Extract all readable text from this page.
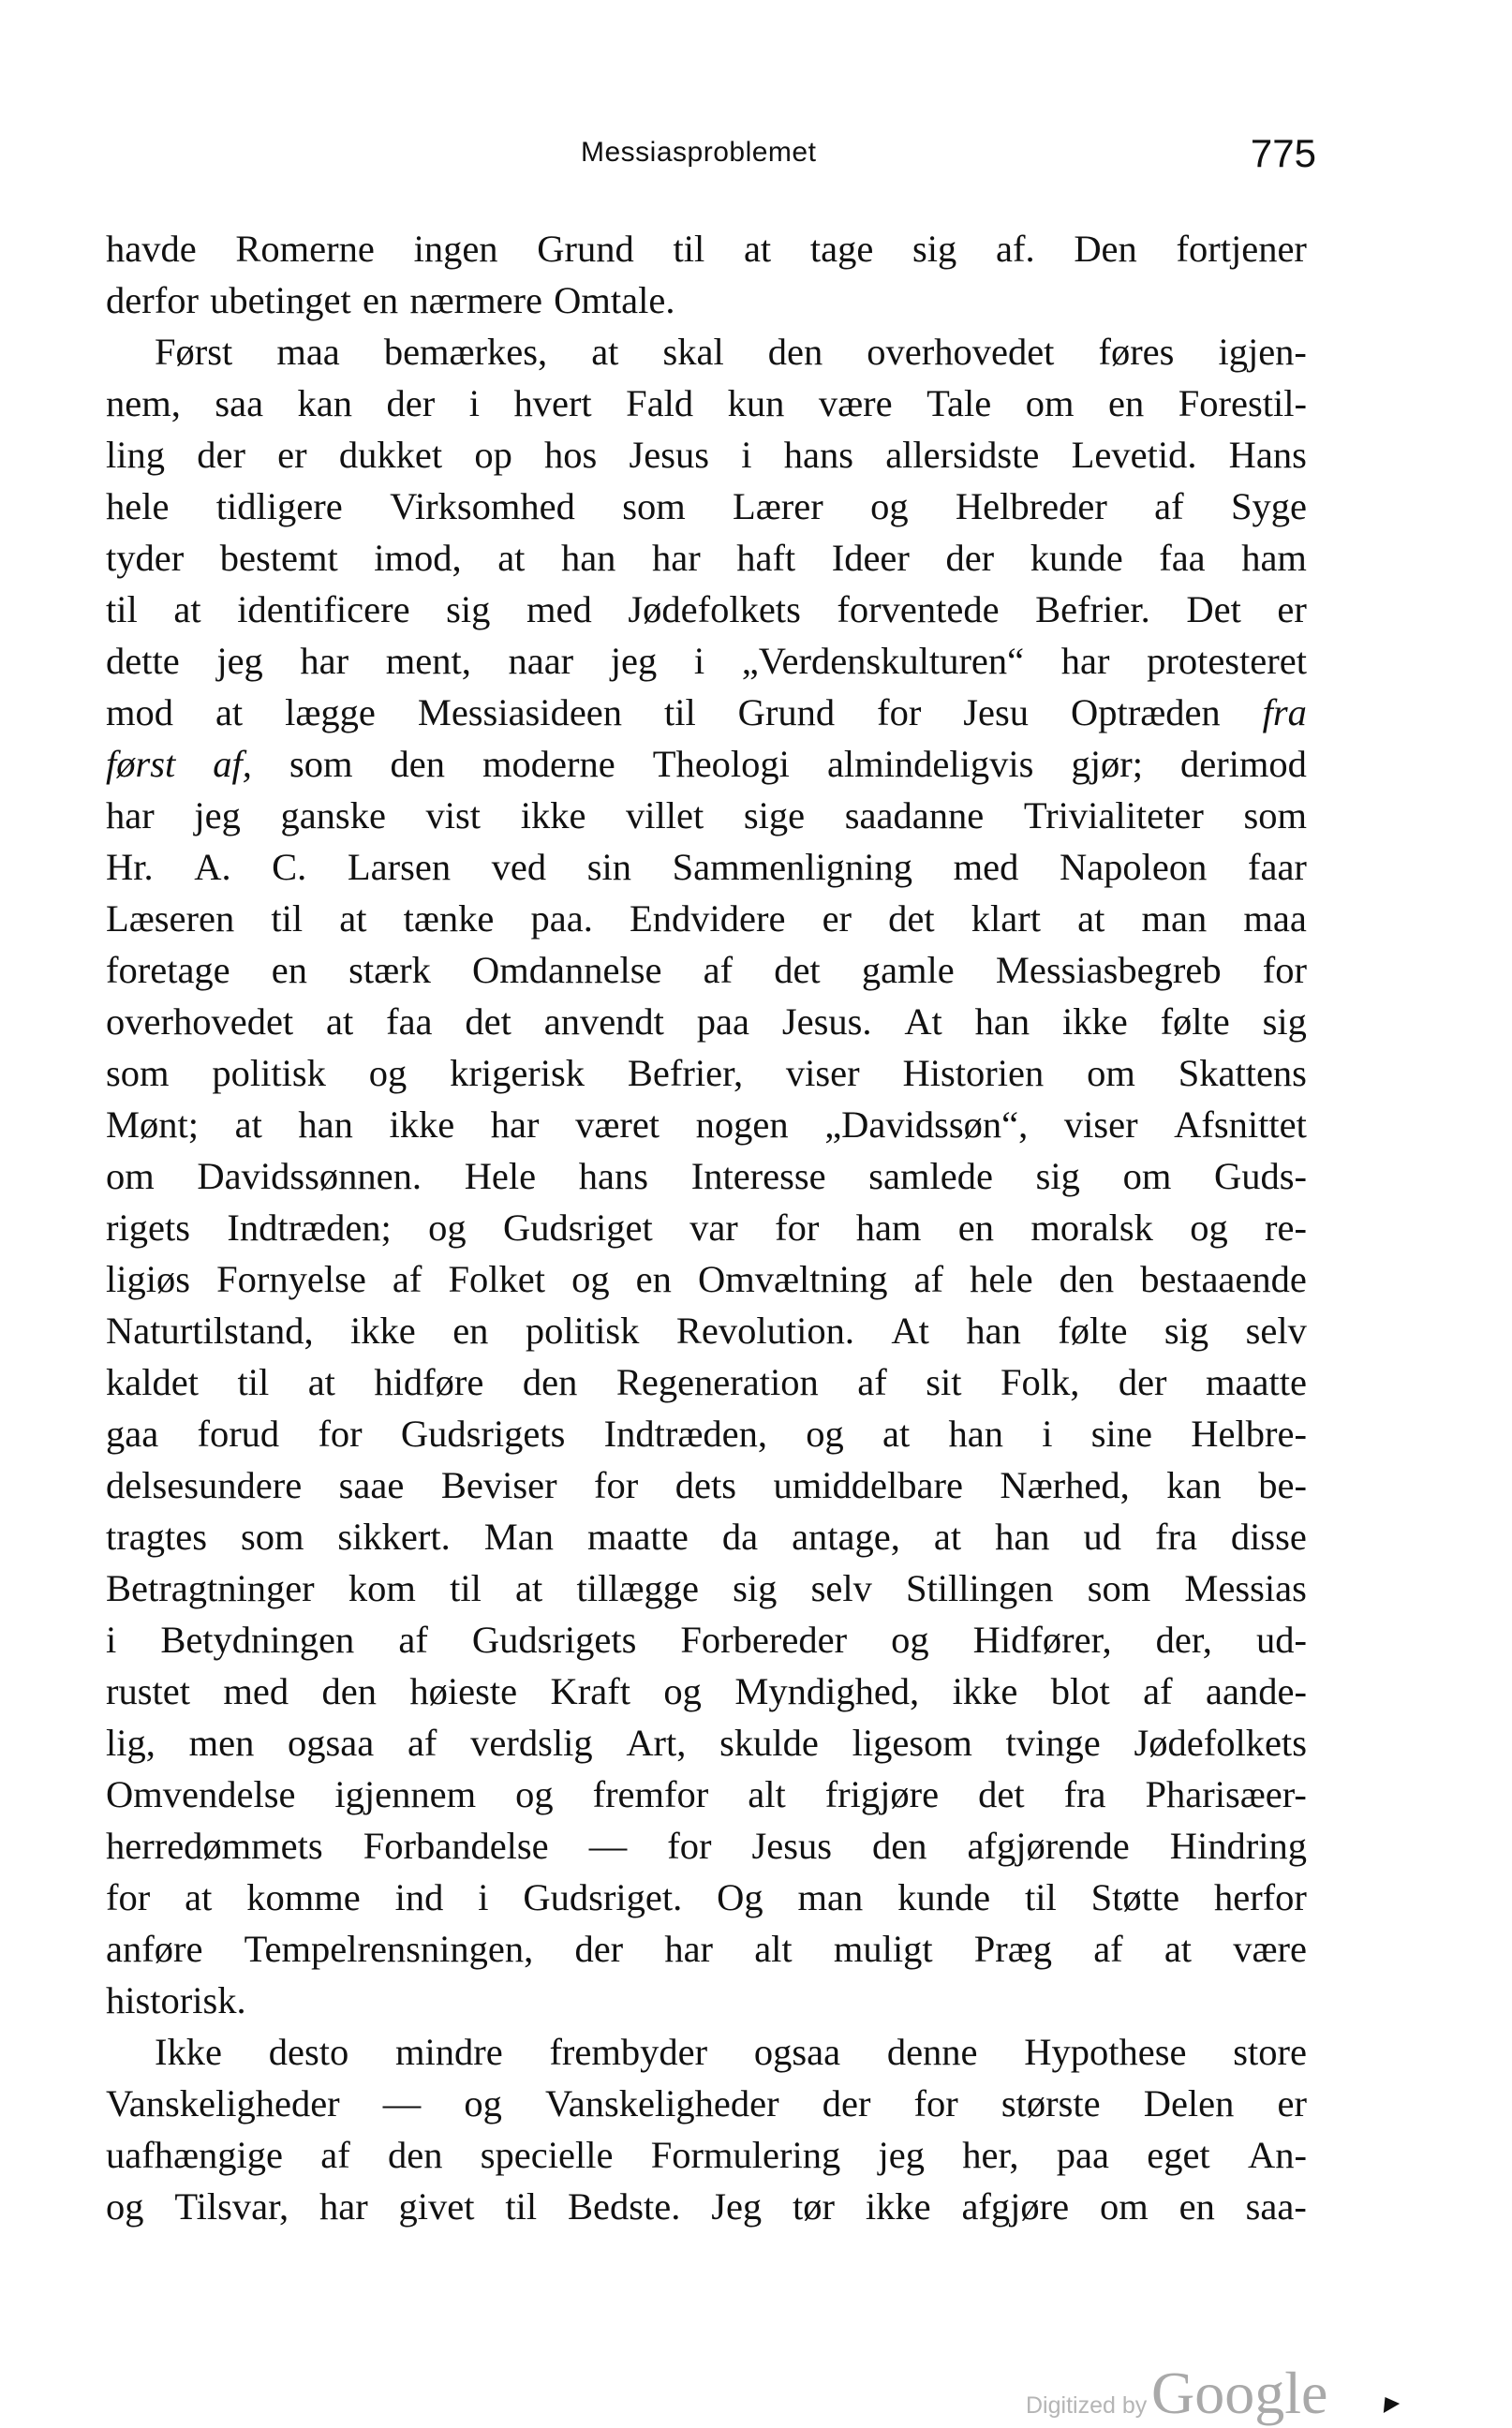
Messiasproblemet	775
havde Romerne ingen Grund til at tage sig af. Den fortjener
derfor ubetinget en nærmere Omtale.
Først maa bemærkes, at skal den overhovedet føres igjen-
nem, saa kan der i hvert Fald kun være Tale om en Forestil-
ling der er dukket op hos Jesus i hans allersidste Levetid. Hans
hele tidligere Virksomhed som Lærer og Helbreder af Syge
tyder bestemt imod, at han har haft Ideer der kunde faa ham
til at identificere sig med Jødefolkets forventede Befrier. Det er
dette jeg har ment, naar jeg i „Verdenskulturen“ har protesteret
mod at lægge Messiasideen til Grund for Jesu Optræden fra
først af, som den moderne Theologi almindeligvis gjør; derimod
har jeg ganske vist ikke villet sige saadanne Trivialiteter som
Hr. A. C. Larsen ved sin Sammenligning med Napoleon faar
Læseren til at tænke paa. Endvidere er det klart at man maa
foretage en stærk Omdannelse af det gamle Messiasbegreb for
overhovedet at faa det anvendt paa Jesus. At han ikke følte sig
som politisk og krigerisk Befrier, viser Historien om Skattens
Mønt; at han ikke har været nogen „Davidssøn“, viser Afsnittet
om Davidssønnen. Hele hans Interesse samlede sig om Guds-
rigets Indtræden; og Gudsriget var for ham en moralsk og re-
ligiøs Fornyelse af Folket og en Omvæltning af hele den bestaaende
Naturtilstand, ikke en politisk Revolution. At han følte sig selv
kaldet til at hidføre den Regeneration af sit Folk, der maatte
gaa forud for Gudsrigets Indtræden, og at han i sine Helbre-
delsesundere saae Beviser for dets umiddelbare Nærhed, kan be-
tragtes som sikkert. Man maatte da antage, at han ud fra disse
Betragtninger kom til at tillægge sig selv Stillingen som Messias
i Betydningen af Gudsrigets Forbereder og Hidfører, der, ud-
rustet med den høieste Kraft og Myndighed, ikke blot af aande-
lig, men ogsaa af verdslig Art, skulde ligesom tvinge Jødefolkets
Omvendelse igjennem og fremfor alt frigjøre det fra Pharisæer-
herredømmets Forbandelse — for Jesus den afgjørende Hindring
for at komme ind i Gudsriget. Og man kunde til Støtte herfor
anføre Tempelrensningen, der har alt muligt Præg af at være
historisk.
Ikke desto mindre frembyder ogsaa denne Hypothese store
Vanskeligheder — og Vanskeligheder der for største Delen er
uafhængige af den specielle Formulering jeg her, paa eget An-
og Tilsvar, har givet til Bedste. Jeg tør ikke afgjøre om en saa-
Digitized by Google
